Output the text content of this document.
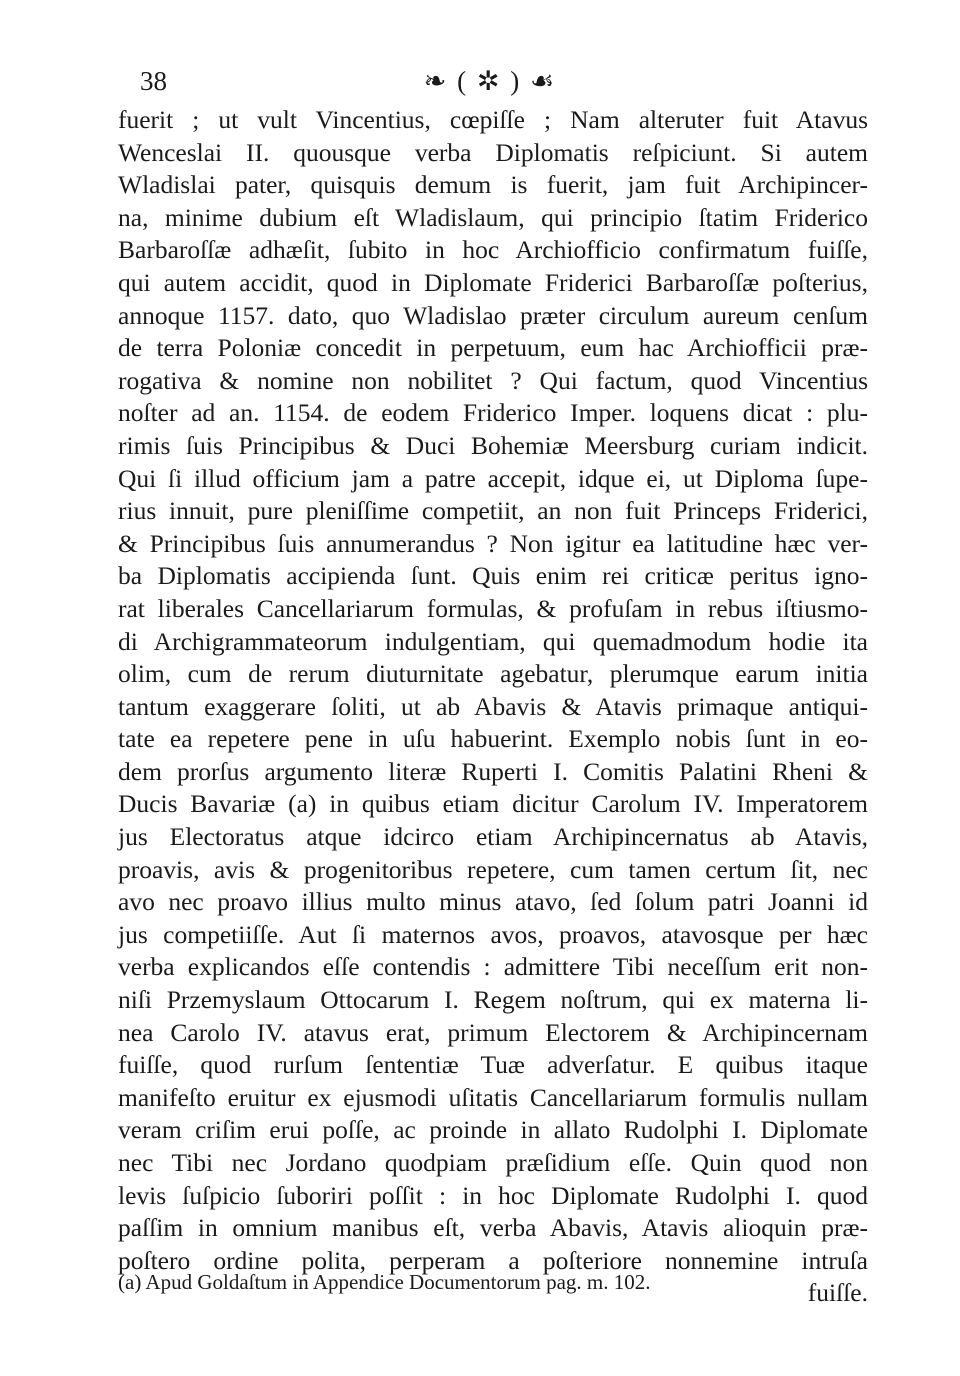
38	❧ ( ✲ ) ☙
fuerit ; ut vult Vincentius, cœpiſſe ; Nam alteruter fuit Atavus
Wenceslai II. quousque verba Diplomatis reſpiciunt. Si autem
Wladislai pater, quisquis demum is fuerit, jam fuit Archipincer-
na, minime dubium eſt Wladislaum, qui principio ſtatim Friderico
Barbaroſſæ adhæſit, ſubito in hoc Archiofficio confirmatum fuiſſe,
qui autem accidit, quod in Diplomate Friderici Barbaroſſæ poſterius,
annoque 1157. dato, quo Wladislao præter circulum aureum cenſum
de terra Poloniæ concedit in perpetuum, eum hac Archiofficii præ-
rogativa & nomine non nobilitet ? Qui factum, quod Vincentius
noſter ad an. 1154. de eodem Friderico Imper. loquens dicat : plu-
rimis ſuis Principibus & Duci Bohemiæ Meersburg curiam indicit.
Qui ſi illud officium jam a patre accepit, idque ei, ut Diploma ſupe-
rius innuit, pure pleniſſime competiit, an non fuit Princeps Friderici,
& Principibus ſuis annumerandus ? Non igitur ea latitudine hæc ver-
ba Diplomatis accipienda ſunt. Quis enim rei criticæ peritus igno-
rat liberales Cancellariarum formulas, & profuſam in rebus iſtiusmo-
di Archigrammateorum indulgentiam, qui quemadmodum hodie ita
olim, cum de rerum diuturnitate agebatur, plerumque earum initia
tantum exaggerare ſoliti, ut ab Abavis & Atavis primaque antiqui-
tate ea repetere pene in uſu habuerint. Exemplo nobis ſunt in eo-
dem prorſus argumento literæ Ruperti I. Comitis Palatini Rheni &
Ducis Bavariæ (a) in quibus etiam dicitur Carolum IV. Imperatorem
jus Electoratus atque idcirco etiam Archipincernatus ab Atavis,
proavis, avis & progenitoribus repetere, cum tamen certum ſit, nec
avo nec proavo illius multo minus atavo, ſed ſolum patri Joanni id
jus competiiſſe. Aut ſi maternos avos, proavos, atavosque per hæc
verba explicandos eſſe contendis : admittere Tibi neceſſum erit non-
niſi Przemyslaum Ottocarum I. Regem noſtrum, qui ex materna li-
nea Carolo IV. atavus erat, primum Electorem & Archipincernam
fuiſſe, quod rurſum ſententiæ Tuæ adverſatur. E quibus itaque
manifeſto eruitur ex ejusmodi uſitatis Cancellariarum formulis nullam
veram criſim erui poſſe, ac proinde in allato Rudolphi I. Diplomate
nec Tibi nec Jordano quodpiam præſidium eſſe. Quin quod non
levis ſuſpicio ſuboriri poſſit : in hoc Diplomate Rudolphi I. quod
paſſim in omnium manibus eſt, verba Abavis, Atavis alioquin præ-
poſtero ordine polita, perperam a poſteriore nonnemine intruſa
fuiſſe.
(a) Apud Goldaſtum in Appendice Documentorum pag. m. 102.
